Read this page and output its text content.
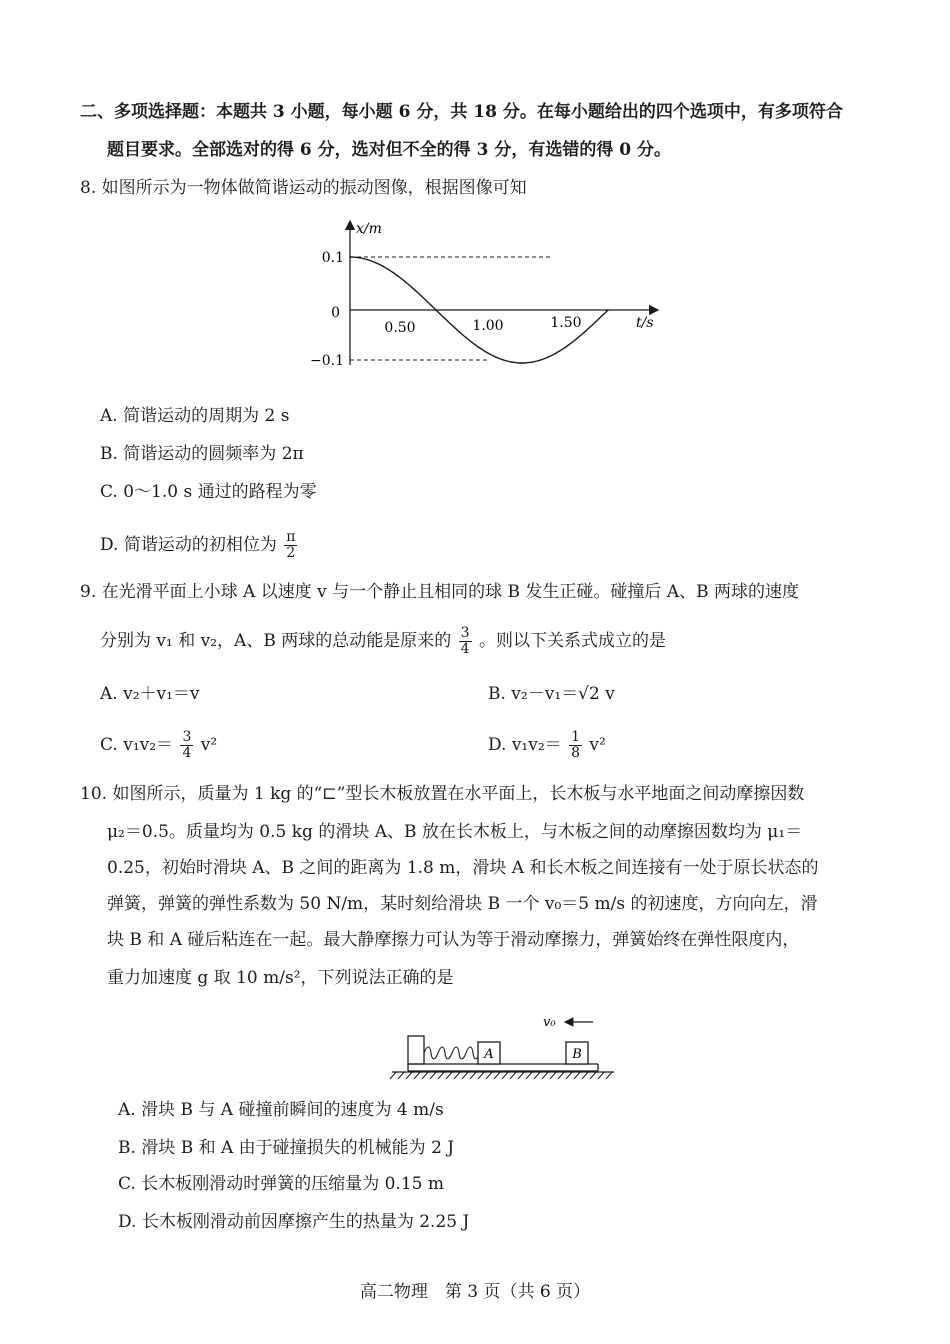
二、多项选择题：本题共 3 小题，每小题 6 分，共 18 分。在每小题给出的四个选项中，有多项符合
题目要求。全部选对的得 6 分，选对但不全的得 3 分，有选错的得 0 分。
8. 如图所示为一物体做简谐运动的振动图像，根据图像可知
x/m
t/s
0.1
0
−0.1
0.50	1.00	1.50
A. 简谐运动的周期为 2 s
B. 简谐运动的圆频率为 2π
C. 0～1.0 s 通过的路程为零
D. 简谐运动的初相位为 $\frac{\pi}{2}$
9. 在光滑平面上小球 A 以速度 v 与一个静止且相同的球 B 发生正碰。碰撞后 A、B 两球的速度
分别为 v₁ 和 v₂，A、B 两球的总动能是原来的 $\frac{3}{4}$ 。则以下关系式成立的是
A. v₂＋v₁＝v	B. v₂－v₁＝√2 v
C. $v_1v_2= \frac{3}{4} v^2$	D. $v_1v_2= \frac{1}{8} v^2$
10. 如图所示，质量为 1 kg 的“⊏”型长木板放置在水平面上，长木板与水平地面之间动摩擦因数
μ₂＝0.5。质量均为 0.5 kg 的滑块 A、B 放在长木板上，与木板之间的动摩擦因数均为 μ₁＝
0.25，初始时滑块 A、B 之间的距离为 1.8 m，滑块 A 和长木板之间连接有一处于原长状态的
弹簧，弹簧的弹性系数为 50 N/m，某时刻给滑块 B 一个 v₀＝5 m/s 的初速度，方向向左，滑
块 B 和 A 碰后粘连在一起。最大静摩擦力可认为等于滑动摩擦力，弹簧始终在弹性限度内，
重力加速度 g 取 10 m/s²，下列说法正确的是
v₀
A	B
A. 滑块 B 与 A 碰撞前瞬间的速度为 4 m/s
B. 滑块 B 和 A 由于碰撞损失的机械能为 2 J
C. 长木板刚滑动时弹簧的压缩量为 0.15 m
D. 长木板刚滑动前因摩擦产生的热量为 2.25 J
高二物理　第 3 页（共 6 页）
